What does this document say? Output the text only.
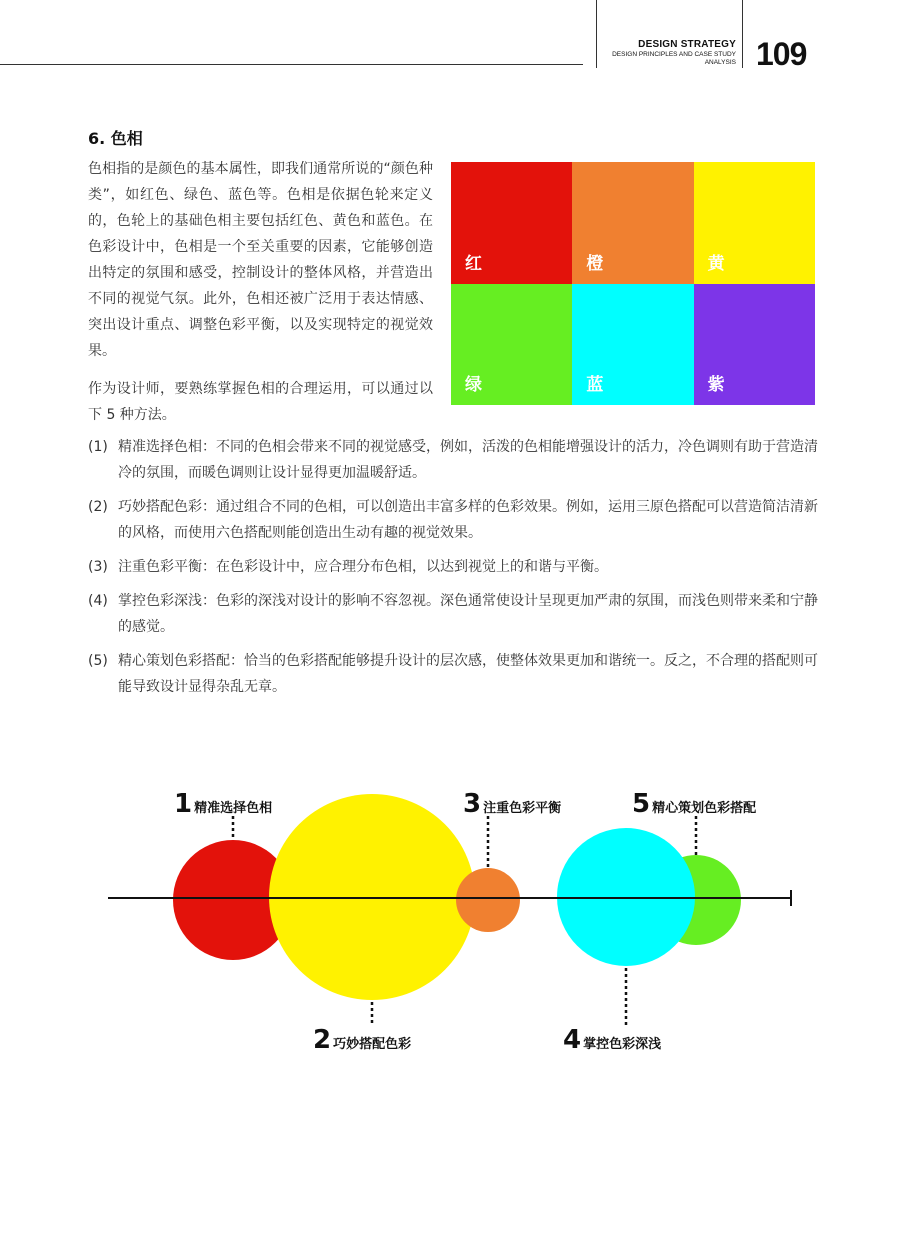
DESIGN STRATEGY
DESIGN PRINCIPLES AND CASE STUDY
ANALYSIS 109
6. 色相

色相指的是颜色的基本属性，即我们通常所说的“颜色种类”，如红色、绿色、蓝色等。色相是依据色轮来定义的，色轮上的基础色相主要包括红色、黄色和蓝色。在色彩设计中，色相是一个至关重要的因素，它能够创造出特定的氛围和感受，控制设计的整体风格，并营造出不同的视觉气氛。此外，色相还被广泛用于表达情感、突出设计重点、调整色彩平衡，以及实现特定的视觉效果。

作为设计师，要熟练掌握色相的合理运用，可以通过以下 5 种方法。

红	橙	黄
绿	蓝	紫
(1) 精准选择色相：不同的色相会带来不同的视觉感受，例如，活泼的色相能增强设计的活力，冷色调则有助于营造清冷的氛围，而暖色调则让设计显得更加温暖舒适。
(2) 巧妙搭配色彩：通过组合不同的色相，可以创造出丰富多样的色彩效果。例如，运用三原色搭配可以营造简洁清新的风格，而使用六色搭配则能创造出生动有趣的视觉效果。
(3) 注重色彩平衡：在色彩设计中，应合理分布色相，以达到视觉上的和谐与平衡。
(4) 掌控色彩深浅：色彩的深浅对设计的影响不容忽视。深色通常使设计呈现更加严肃的氛围，而浅色则带来柔和宁静的感觉。
(5) 精心策划色彩搭配：恰当的色彩搭配能够提升设计的层次感，使整体效果更加和谐统一。反之，不合理的搭配则可能导致设计显得杂乱无章。
1 精准选择色相
2 巧妙搭配色彩
3 注重色彩平衡
4 掌控色彩深浅
5 精心策划色彩搭配
